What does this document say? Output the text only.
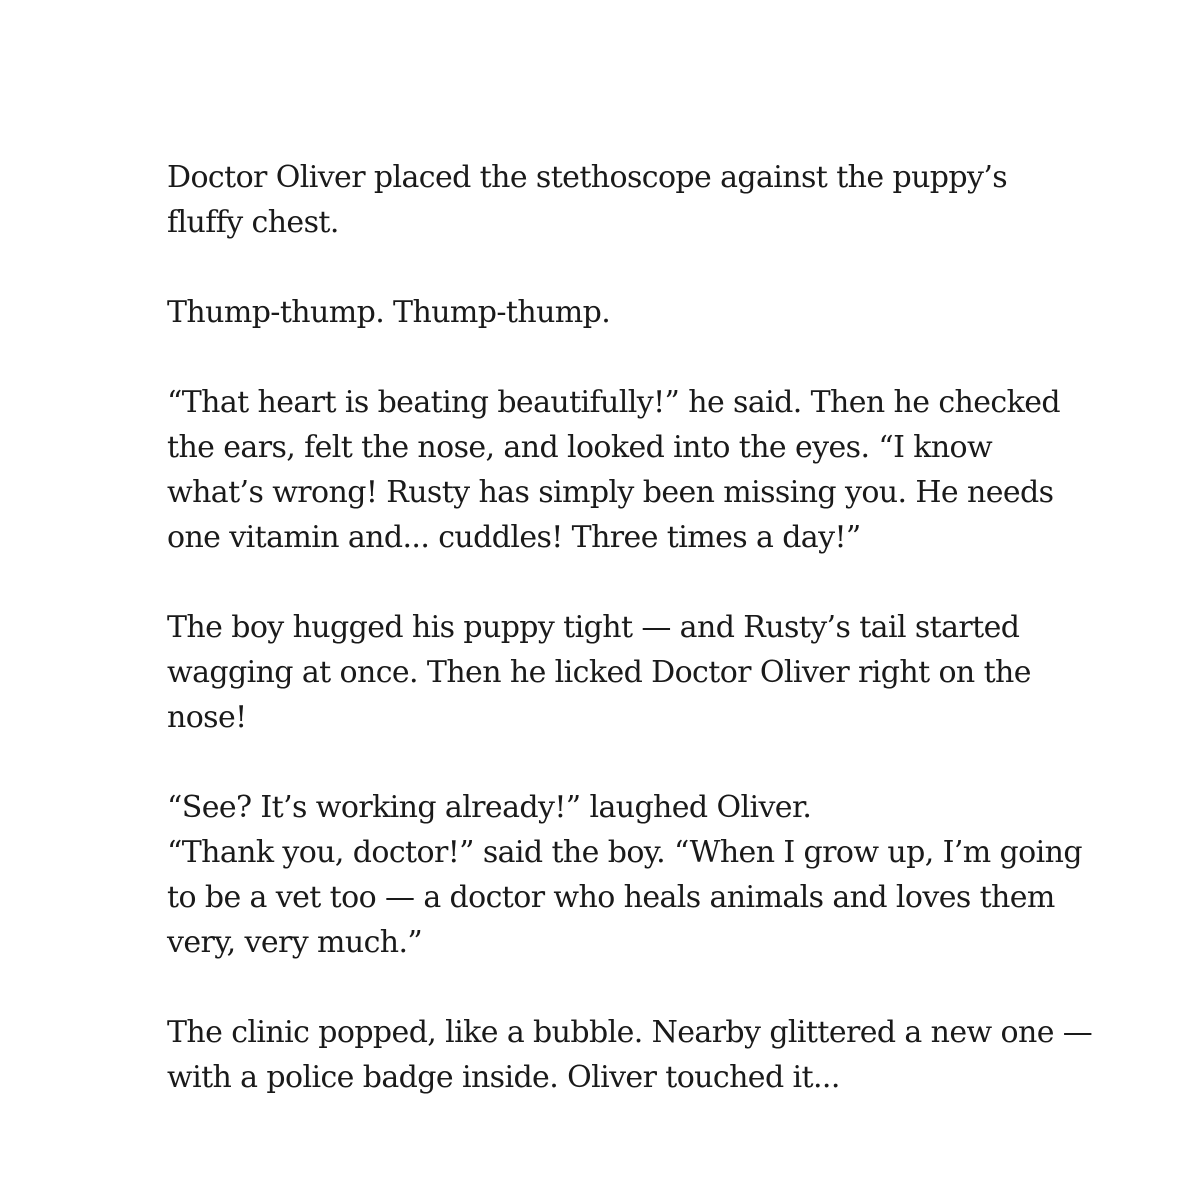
Doctor Oliver placed the stethoscope against the puppy’s
fluffy chest.

Thump-thump. Thump-thump.

“That heart is beating beautifully!” he said. Then he checked
the ears, felt the nose, and looked into the eyes. “I know
what’s wrong! Rusty has simply been missing you. He needs
one vitamin and... cuddles! Three times a day!”

The boy hugged his puppy tight — and Rusty’s tail started
wagging at once. Then he licked Doctor Oliver right on the
nose!

“See? It’s working already!” laughed Oliver.
“Thank you, doctor!” said the boy. “When I grow up, I’m going
to be a vet too — a doctor who heals animals and loves them
very, very much.”

The clinic popped, like a bubble. Nearby glittered a new one —
with a police badge inside. Oliver touched it...
